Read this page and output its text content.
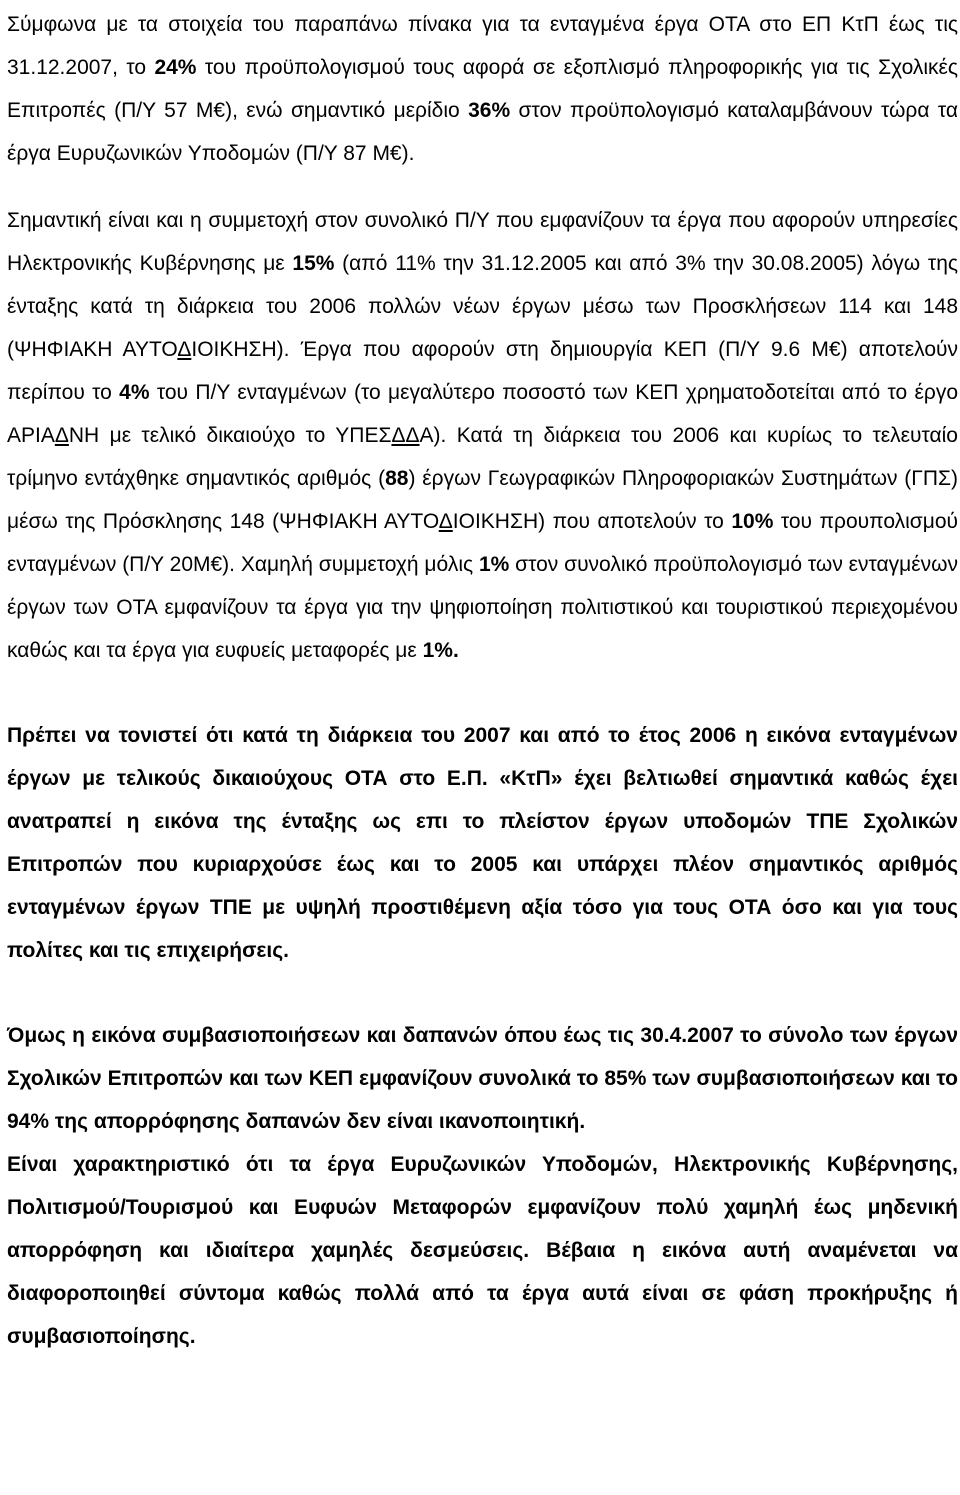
Σύμφωνα με τα στοιχεία του παραπάνω πίνακα για τα ενταγμένα έργα ΟΤΑ στο ΕΠ ΚτΠ έως τις 31.12.2007, το 24% του προϋπολογισμού τους αφορά σε εξοπλισμό πληροφορικής για τις Σχολικές Επιτροπές (Π/Υ 57 Μ€), ενώ σημαντικό μερίδιο 36% στον προϋπολογισμό καταλαμβάνουν τώρα τα έργα Ευρυζωνικών Υποδομών (Π/Υ 87 Μ€).

Σημαντική είναι και η συμμετοχή στον συνολικό Π/Υ που εμφανίζουν τα έργα που αφορούν υπηρεσίες Ηλεκτρονικής Κυβέρνησης με 15% (από 11% την 31.12.2005 και από 3% την 30.08.2005) λόγω της ένταξης κατά τη διάρκεια του 2006 πολλών νέων έργων μέσω των Προσκλήσεων 114 και 148 (ΨΗΦΙΑΚΗ ΑΥΤΟΔΙΟΙΚΗΣΗ). Έργα που αφορούν στη δημιουργία ΚΕΠ (Π/Υ 9.6 Μ€) αποτελούν περίπου το 4% του Π/Υ ενταγμένων (το μεγαλύτερο ποσοστό των ΚΕΠ χρηματοδοτείται από το έργο ΑΡΙΑΔΝΗ με τελικό δικαιούχο το ΥΠΕΣΔΔΑ). Κατά τη διάρκεια του 2006 και κυρίως το τελευταίο τρίμηνο εντάχθηκε σημαντικός αριθμός (88) έργων Γεωγραφικών Πληροφοριακών Συστημάτων (ΓΠΣ) μέσω της Πρόσκλησης 148 (ΨΗΦΙΑΚΗ ΑΥΤΟΔΙΟΙΚΗΣΗ) που αποτελούν το 10% του προυπολισμού ενταγμένων (Π/Υ 20Μ€). Χαμηλή συμμετοχή μόλις 1% στον συνολικό προϋπολογισμό των ενταγμένων έργων των ΟΤΑ εμφανίζουν τα έργα για την ψηφιοποίηση πολιτιστικού και τουριστικού περιεχομένου καθώς και τα έργα για ευφυείς μεταφορές με 1%.

Πρέπει να τονιστεί ότι κατά τη διάρκεια του 2007 και από το έτος 2006 η εικόνα ενταγμένων έργων με τελικούς δικαιούχους ΟΤΑ στο Ε.Π. «ΚτΠ» έχει βελτιωθεί σημαντικά καθώς έχει ανατραπεί η εικόνα της ένταξης ως επι το πλείστον έργων υποδομών ΤΠΕ Σχολικών Επιτροπών που κυριαρχούσε έως και το 2005 και υπάρχει πλέον σημαντικός αριθμός ενταγμένων έργων ΤΠΕ με υψηλή προστιθέμενη αξία τόσο για τους ΟΤΑ όσο και για τους πολίτες και τις επιχειρήσεις.

Όμως η εικόνα συμβασιοποιήσεων και δαπανών όπου έως τις 30.4.2007 το σύνολο των έργων Σχολικών Επιτροπών και των ΚΕΠ εμφανίζουν συνολικά το 85% των συμβασιοποιήσεων και το 94% της απορρόφησης δαπανών δεν είναι ικανοποιητική.

Είναι χαρακτηριστικό ότι τα έργα Ευρυζωνικών Υποδομών, Ηλεκτρονικής Κυβέρνησης, Πολιτισμού/Τουρισμού και Ευφυών Μεταφορών εμφανίζουν πολύ χαμηλή έως μηδενική απορρόφηση και ιδιαίτερα χαμηλές δεσμεύσεις. Βέβαια η εικόνα αυτή αναμένεται να διαφοροποιηθεί σύντομα καθώς πολλά από τα έργα αυτά είναι σε φάση προκήρυξης ή συμβασιοποίησης.
